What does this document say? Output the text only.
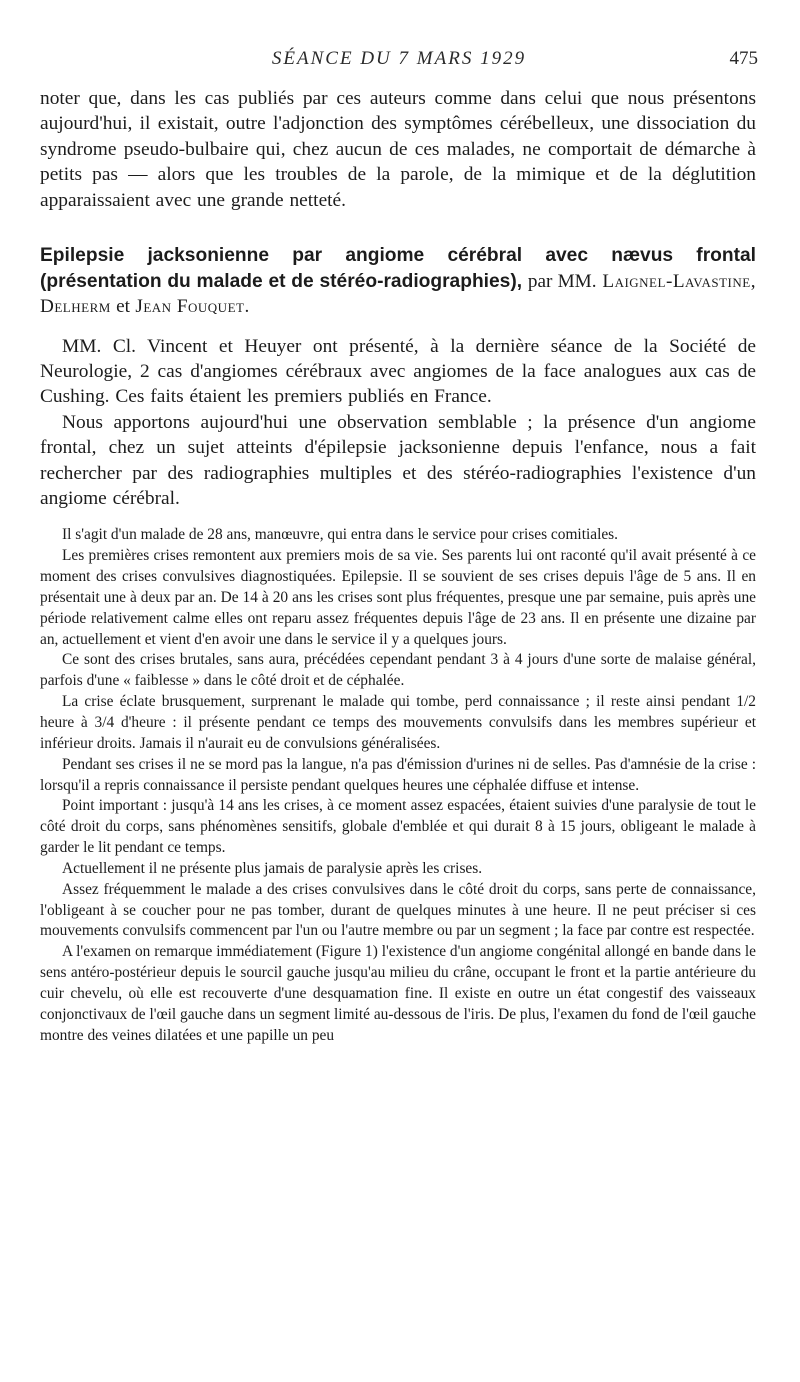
SÉANCE DU 7 MARS 1929	475

noter que, dans les cas publiés par ces auteurs comme dans celui que nous présentons aujourd'hui, il existait, outre l'adjonction des symptômes cérébelleux, une dissociation du syndrome pseudo-bulbaire qui, chez aucun de ces malades, ne comportait de démarche à petits pas — alors que les troubles de la parole, de la mimique et de la déglutition apparaissaient avec une grande netteté.

Epilepsie jacksonienne par angiome cérébral avec nævus frontal (présentation du malade et de stéréo-radiographies), par MM. Laignel-Lavastine, Delherm et Jean Fouquet.

MM. Cl. Vincent et Heuyer ont présenté, à la dernière séance de la Société de Neurologie, 2 cas d'angiomes cérébraux avec angiomes de la face analogues aux cas de Cushing. Ces faits étaient les premiers publiés en France.

Nous apportons aujourd'hui une observation semblable ; la présence d'un angiome frontal, chez un sujet atteints d'épilepsie jacksonienne depuis l'enfance, nous a fait rechercher par des radiographies multiples et des stéréo-radiographies l'existence d'un angiome cérébral.

Il s'agit d'un malade de 28 ans, manœuvre, qui entra dans le service pour crises comitiales.

Les premières crises remontent aux premiers mois de sa vie. Ses parents lui ont raconté qu'il avait présenté à ce moment des crises convulsives diagnostiquées. Epilepsie. Il se souvient de ses crises depuis l'âge de 5 ans. Il en présentait une à deux par an. De 14 à 20 ans les crises sont plus fréquentes, presque une par semaine, puis après une période relativement calme elles ont reparu assez fréquentes depuis l'âge de 23 ans. Il en présente une dizaine par an, actuellement et vient d'en avoir une dans le service il y a quelques jours.

Ce sont des crises brutales, sans aura, précédées cependant pendant 3 à 4 jours d'une sorte de malaise général, parfois d'une « faiblesse » dans le côté droit et de céphalée.

La crise éclate brusquement, surprenant le malade qui tombe, perd connaissance ; il reste ainsi pendant 1/2 heure à 3/4 d'heure : il présente pendant ce temps des mouvements convulsifs dans les membres supérieur et inférieur droits. Jamais il n'aurait eu de convulsions généralisées.

Pendant ses crises il ne se mord pas la langue, n'a pas d'émission d'urines ni de selles. Pas d'amnésie de la crise : lorsqu'il a repris connaissance il persiste pendant quelques heures une céphalée diffuse et intense.

Point important : jusqu'à 14 ans les crises, à ce moment assez espacées, étaient suivies d'une paralysie de tout le côté droit du corps, sans phénomènes sensitifs, globale d'emblée et qui durait 8 à 15 jours, obligeant le malade à garder le lit pendant ce temps.

Actuellement il ne présente plus jamais de paralysie après les crises.

Assez fréquemment le malade a des crises convulsives dans le côté droit du corps, sans perte de connaissance, l'obligeant à se coucher pour ne pas tomber, durant de quelques minutes à une heure. Il ne peut préciser si ces mouvements convulsifs commencent par l'un ou l'autre membre ou par un segment ; la face par contre est respectée.

A l'examen on remarque immédiatement (Figure 1) l'existence d'un angiome congénital allongé en bande dans le sens antéro-postérieur depuis le sourcil gauche jusqu'au milieu du crâne, occupant le front et la partie antérieure du cuir chevelu, où elle est recouverte d'une desquamation fine. Il existe en outre un état congestif des vaisseaux conjonctivaux de l'œil gauche dans un segment limité au-dessous de l'iris. De plus, l'examen du fond de l'œil gauche montre des veines dilatées et une papille un peu
